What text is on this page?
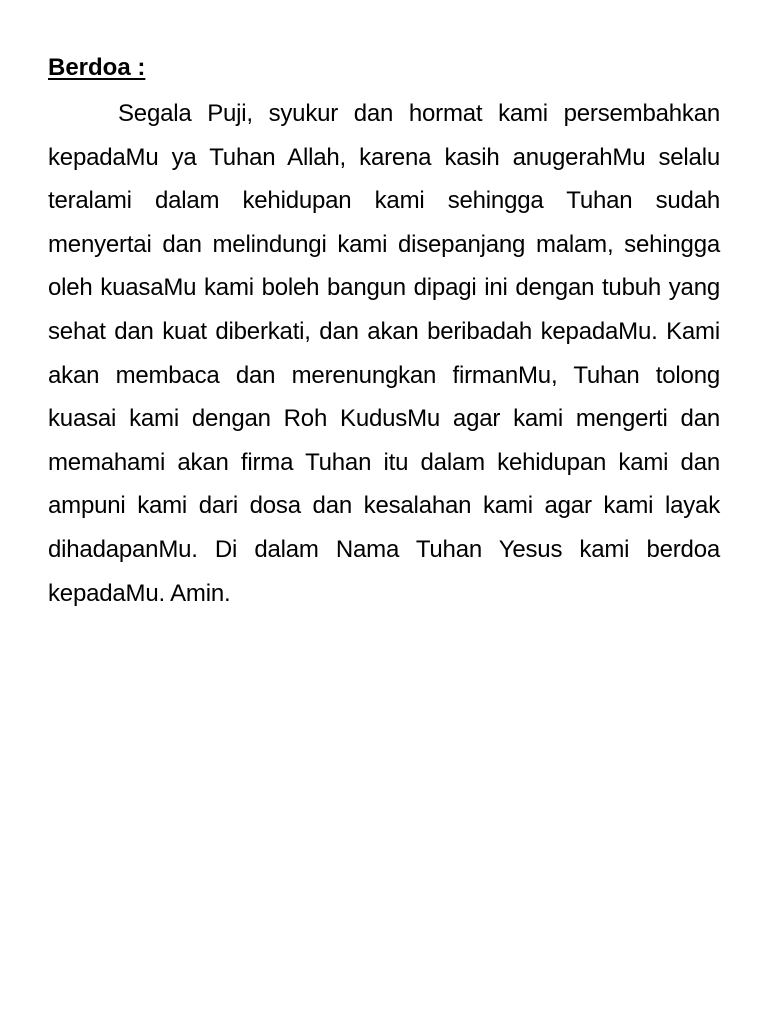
Berdoa :

Segala Puji, syukur dan hormat kami persembahkan kepadaMu ya Tuhan Allah, karena kasih anugerahMu selalu teralami dalam kehidupan kami sehingga Tuhan sudah menyertai dan melindungi kami disepanjang malam, sehingga oleh kuasaMu kami boleh bangun dipagi ini dengan tubuh yang sehat dan kuat diberkati, dan akan beribadah kepadaMu. Kami akan membaca dan merenungkan firmanMu, Tuhan tolong kuasai kami dengan Roh KudusMu agar kami mengerti dan memahami akan firma Tuhan itu dalam kehidupan kami dan ampuni kami dari dosa dan kesalahan kami agar kami layak dihadapanMu. Di dalam Nama Tuhan Yesus kami berdoa kepadaMu. Amin.
